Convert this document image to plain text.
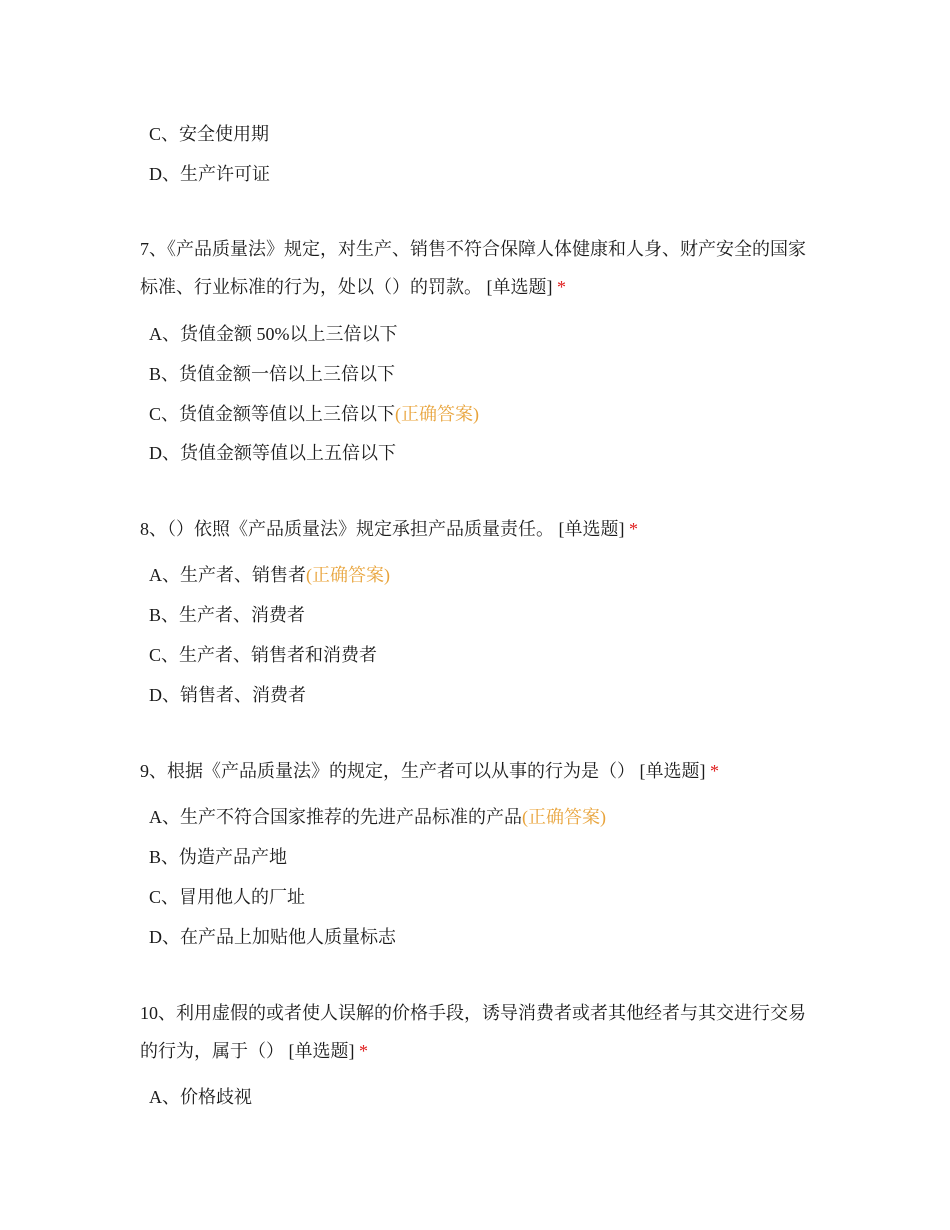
C、安全使用期
D、生产许可证
7、《产品质量法》规定，对生产、销售不符合保障人体健康和人身、财产安全的国家标准、行业标准的行为，处以（）的罚款。 [单选题] *
A、货值金额 50%以上三倍以下
B、货值金额一倍以上三倍以下
C、货值金额等值以上三倍以下(正确答案)
D、货值金额等值以上五倍以下
8、（）依照《产品质量法》规定承担产品质量责任。 [单选题] *
A、生产者、销售者(正确答案)
B、生产者、消费者
C、生产者、销售者和消费者
D、销售者、消费者
9、根据《产品质量法》的规定，生产者可以从事的行为是（） [单选题] *
A、生产不符合国家推荐的先进产品标准的产品(正确答案)
B、伪造产品产地
C、冒用他人的厂址
D、在产品上加贴他人质量标志
10、利用虚假的或者使人误解的价格手段，诱导消费者或者其他经者与其交进行交易的行为，属于（） [单选题] *
A、价格歧视
